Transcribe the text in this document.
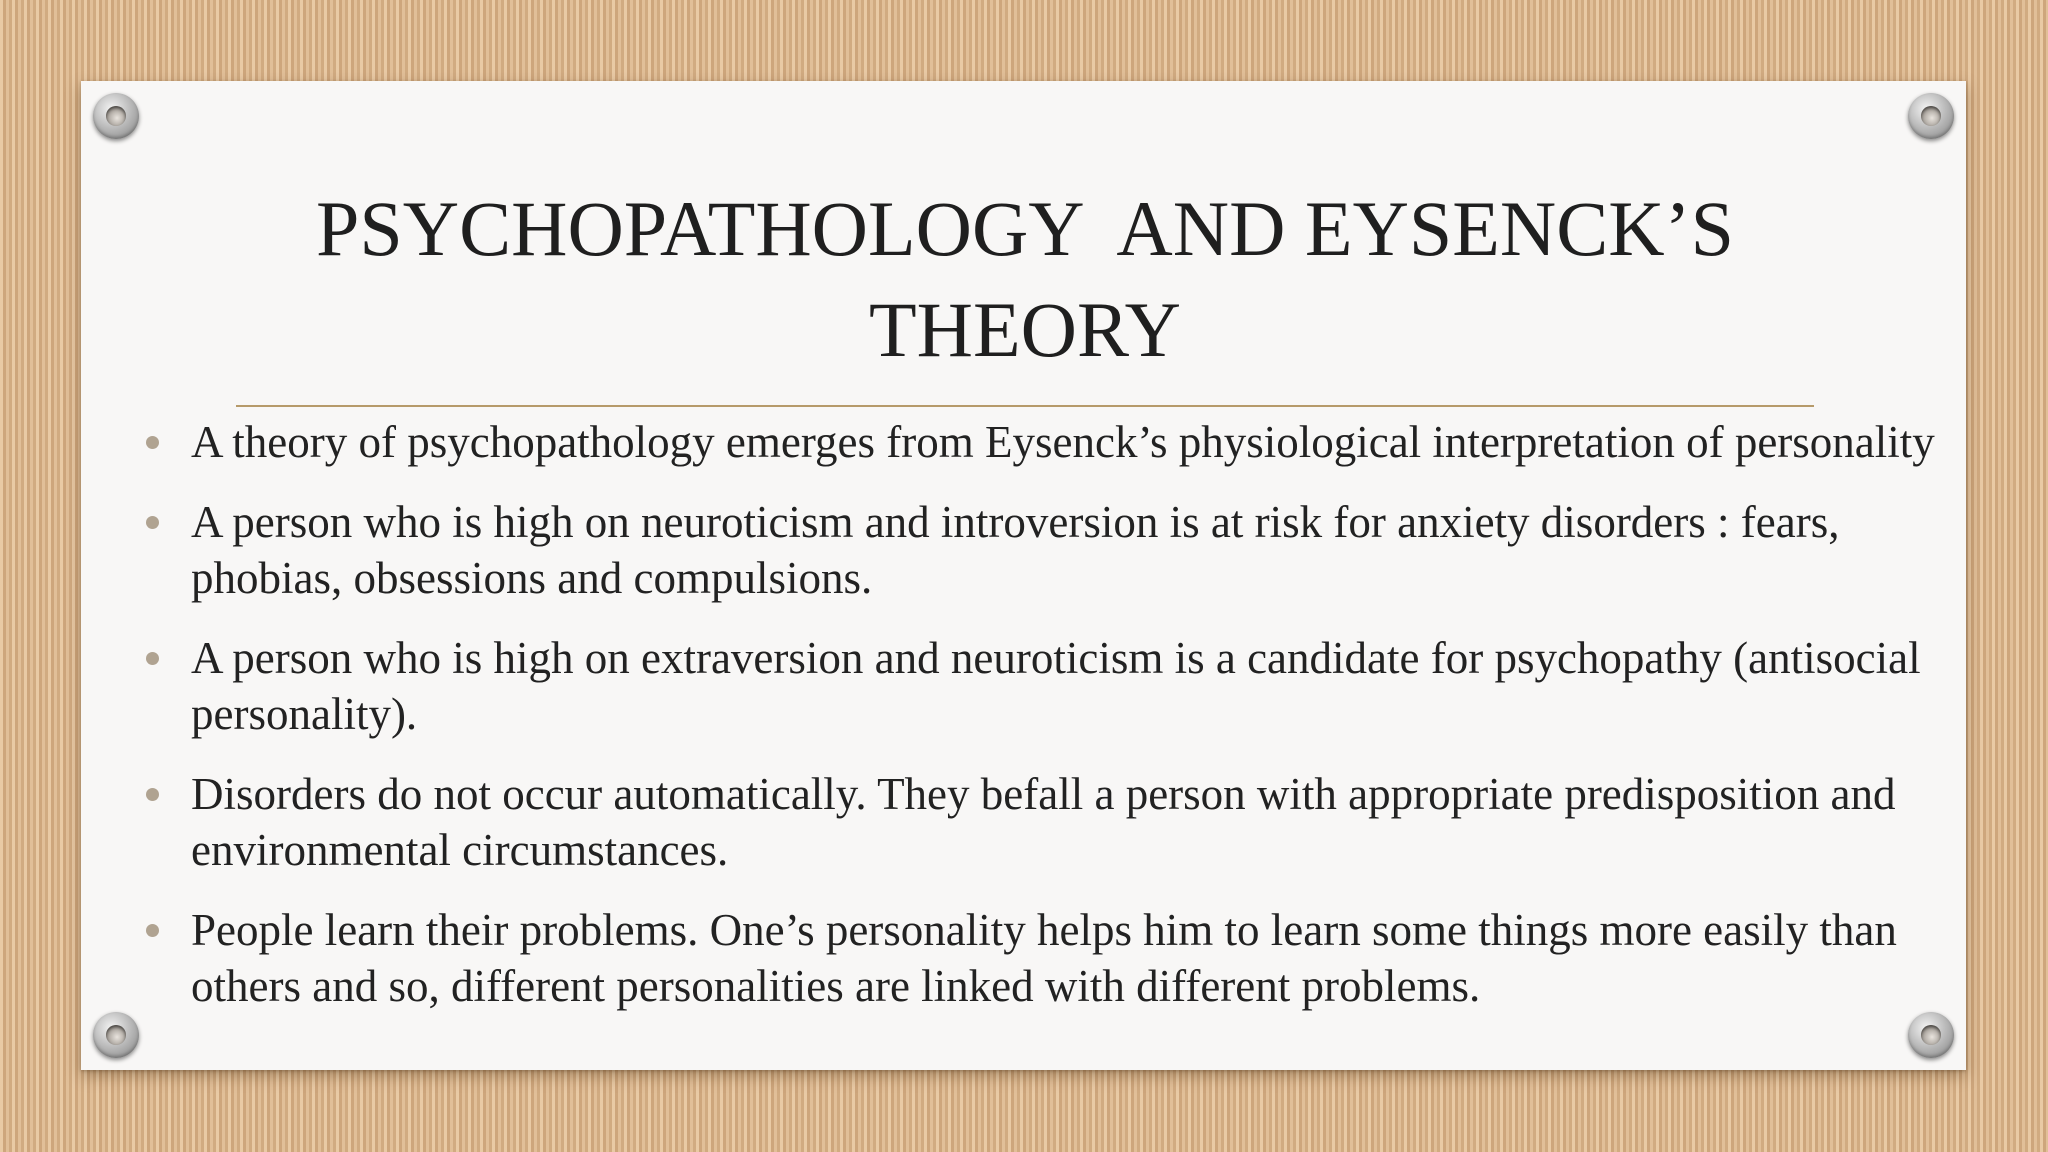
PSYCHOPATHOLOGY  AND EYSENCK’S THEORY
A theory of psychopathology emerges from Eysenck’s physiological interpretation of personality
A person who is high on neuroticism and introversion is at risk for anxiety disorders : fears, phobias, obsessions and compulsions.
A person who is high on extraversion and neuroticism is a candidate for psychopathy (antisocial personality).
Disorders do not occur automatically. They befall a person with appropriate predisposition and environmental circumstances.
People learn their problems. One’s personality helps him to learn some things more easily than others and so, different personalities are linked with different problems.
